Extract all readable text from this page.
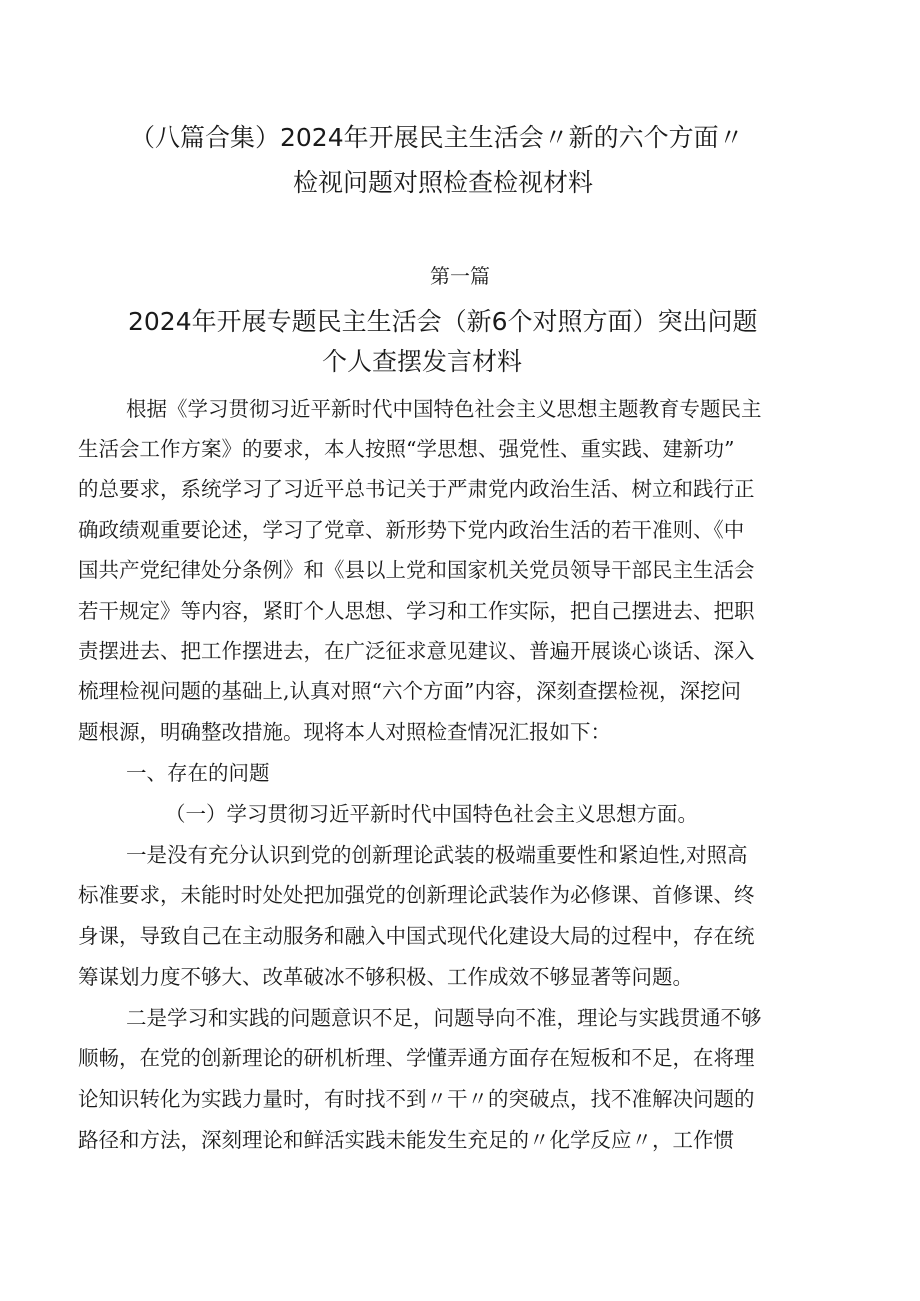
（八篇合集）2024年开展民主生活会〃新的六个方面〃
检视问题对照检查检视材料
第一篇
2024年开展专题民主生活会（新6个对照方面）突出问题
个人查摆发言材料
根据《学习贯彻习近平新时代中国特色社会主义思想主题教育专题民主
生活会工作方案》的要求，本人按照“学思想、强党性、重实践、建新功”
的总要求，系统学习了习近平总书记关于严肃党内政治生活、树立和践行正
确政绩观重要论述，学习了党章、新形势下党内政治生活的若干准则、《中
国共产党纪律处分条例》和《县以上党和国家机关党员领导干部民主生活会
若干规定》等内容，紧盯个人思想、学习和工作实际，把自己摆进去、把职
责摆进去、把工作摆进去，在广泛征求意见建议、普遍开展谈心谈话、深入
梳理检视问题的基础上,认真对照“六个方面”内容，深刻查摆检视，深挖问
题根源，明确整改措施。现将本人对照检查情况汇报如下：
一、存在的问题
（一）学习贯彻习近平新时代中国特色社会主义思想方面。
一是没有充分认识到党的创新理论武装的极端重要性和紧迫性,对照高
标准要求，未能时时处处把加强党的创新理论武装作为必修课、首修课、终
身课，导致自己在主动服务和融入中国式现代化建设大局的过程中，存在统
筹谋划力度不够大、改革破冰不够积极、工作成效不够显著等问题。
二是学习和实践的问题意识不足，问题导向不准，理论与实践贯通不够
顺畅，在党的创新理论的研机析理、学懂弄通方面存在短板和不足，在将理
论知识转化为实践力量时，有时找不到〃干〃的突破点，找不准解决问题的
路径和方法，深刻理论和鲜活实践未能发生充足的〃化学反应〃，工作惯
